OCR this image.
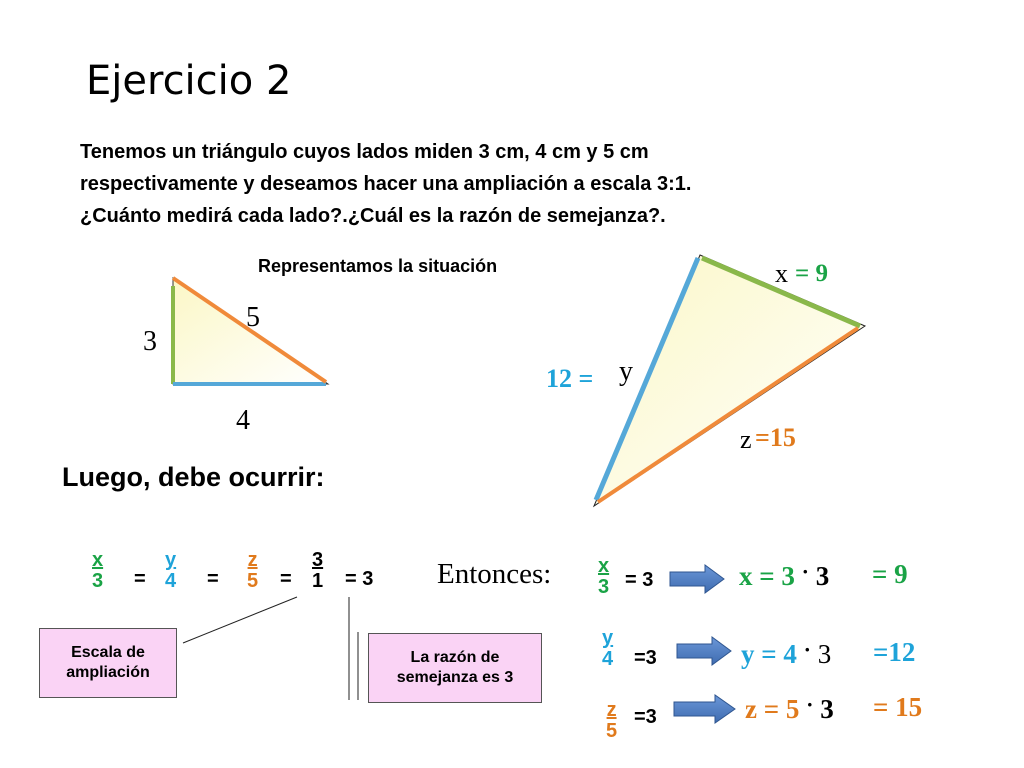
Ejercicio 2
Tenemos un triángulo cuyos lados miden 3 cm, 4 cm y 5 cm
respectivamente y deseamos hacer una ampliación a escala 3:1.
¿Cuánto medirá cada lado?.¿Cuál es la razón de semejanza?.
Representamos la situación
3
4
5
x = 9
y
12 =
z =15
Luego, debe ocurrir:
$\frac{x}{3} = \frac{y}{4} = \frac{z}{5} = \frac{3}{1} = 3$
Escala de
ampliación
La razón de
semejanza es 3
Entonces: $\frac{x}{3} = 3$	x = 3 · 3 = 9
$\frac{y}{4} =3$	y = 4 · 3 =12
$\frac{z}{5} =3$	z = 5 · 3 = 15
